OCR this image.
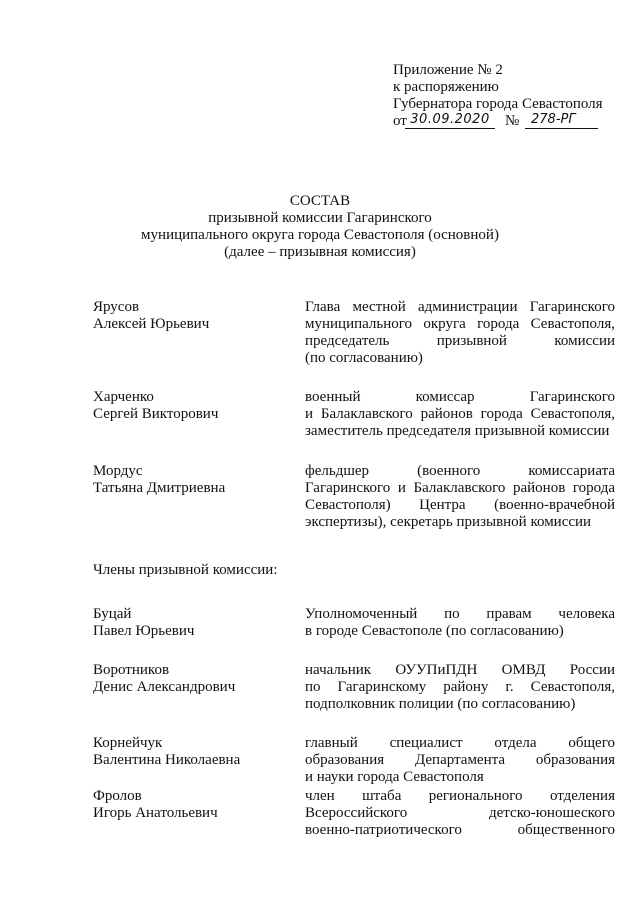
Приложение № 2
к распоряжению
Губернатора города Севастополя
от 30.09.2020	№ 278-РГ
СОСТАВ
призывной комиссии Гагаринского
муниципального округа города Севастополя (основной)
(далее – призывная комиссия)
Ярусов
Алексей Юрьевич
Глава местной администрации Гагаринского
муниципального округа города Севастополя,
председатель призывной комиссии
(по согласованию)
Харченко
Сергей Викторович
военный комиссар Гагаринского
и Балаклавского районов города Севастополя,
заместитель председателя призывной комиссии
Мордус
Татьяна Дмитриевна
фельдшер (военного комиссариата
Гагаринского и Балаклавского районов города
Севастополя) Центра (военно-врачебной
экспертизы), секретарь призывной комиссии
Члены призывной комиссии:
Буцай
Павел Юрьевич
Уполномоченный по правам человека
в городе Севастополе (по согласованию)
Воротников
Денис Александрович
начальник ОУУПиПДН ОМВД России
по Гагаринскому району г. Севастополя,
подполковник полиции (по согласованию)
Корнейчук
Валентина Николаевна
главный специалист отдела общего
образования Департамента образования
и науки города Севастополя
Фролов
Игорь Анатольевич
член штаба регионального отделения
Всероссийского детско-юношеского
военно-патриотического общественного
